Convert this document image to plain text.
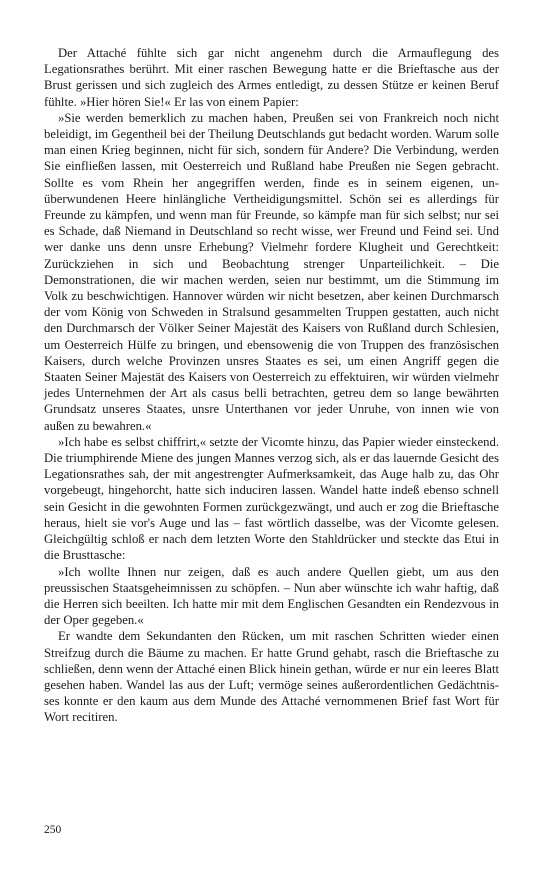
Der Attaché fühlte sich gar nicht angenehm durch die Armauflegung des Legationsrathes berührt. Mit einer raschen Bewegung hatte er die Brieftasche aus der Brust gerissen und sich zugleich des Armes entledigt, zu dessen Stütze er keinen Beruf fühlte. »Hier hören Sie!« Er las von einem Papier:

»Sie werden bemerklich zu machen haben, Preußen sei von Frankreich noch nicht beleidigt, im Gegentheil bei der Theilung Deutschlands gut bedacht worden. Warum solle man einen Krieg beginnen, nicht für sich, sondern für Andere? Die Verbindung, werden Sie einfließen lassen, mit Oesterreich und Rußland habe Preußen nie Segen gebracht. Sollte es vom Rhein her angegriffen werden, finde es in seinem eigenen, unüberwundenen Heere hinlängliche Vertheidigungsmittel. Schön sei es allerdings für Freunde zu kämpfen, und wenn man für Freunde, so kämpfe man für sich selbst; nur sei es Schade, daß Niemand in Deutschland so recht wisse, wer Freund und Feind sei. Und wer danke uns denn unsre Erhebung? Vielmehr fordere Klugheit und Gerechtkeit: Zurückziehen in sich und Beobachtung strenger Unparteilichkeit. – Die Demonstrationen, die wir machen werden, seien nur bestimmt, um die Stimmung im Volk zu beschwichtigen. Hannover würden wir nicht besetzen, aber keinen Durchmarsch der vom König von Schweden in Stralsund gesammelten Truppen gestatten, auch nicht den Durchmarsch der Völker Seiner Majestät des Kaisers von Rußland durch Schlesien, um Oesterreich Hülfe zu bringen, und ebensowenig die von Truppen des französischen Kaisers, durch welche Provinzen unsres Staates es sei, um einen Angriff gegen die Staaten Seiner Majestät des Kaisers von Oesterreich zu effektuiren, wir würden vielmehr jedes Unternehmen der Art als casus belli betrachten, getreu dem so lange bewährten Grundsatz unseres Staates, unsre Unterthanen vor jeder Unruhe, von innen wie von außen zu bewahren.«

»Ich habe es selbst chiffrirt,« setzte der Vicomte hinzu, das Papier wieder einsteckend. Die triumphirende Miene des jungen Mannes verzog sich, als er das lauernde Gesicht des Legationsrathes sah, der mit angestrengter Aufmerksamkeit, das Auge halb zu, das Ohr vorgebeugt, hingehorcht, hatte sich induciren lassen. Wandel hatte indeß ebenso schnell sein Gesicht in die gewohnten Formen zurückgezwängt, und auch er zog die Brieftasche heraus, hielt sie vor's Auge und las – fast wörtlich dasselbe, was der Vicomte gelesen. Gleichgültig schloß er nach dem letzten Worte den Stahldrücker und steckte das Etui in die Brusttasche:

»Ich wollte Ihnen nur zeigen, daß es auch andere Quellen giebt, um aus den preussischen Staatsgeheimnissen zu schöpfen. – Nun aber wünschte ich wahr haftig, daß die Herren sich beeilten. Ich hatte mir mit dem Englischen Gesandten ein Rendezvous in der Oper gegeben.«

Er wandte dem Sekundanten den Rücken, um mit raschen Schritten wieder einen Streifzug durch die Bäume zu machen. Er hatte Grund gehabt, rasch die Brieftasche zu schließen, denn wenn der Attaché einen Blick hinein gethan, würde er nur ein leeres Blatt gesehen haben. Wandel las aus der Luft; vermöge seines außerordentlichen Gedächtnisses konnte er den kaum aus dem Munde des Attaché vernommenen Brief fast Wort für Wort recitiren.

250
